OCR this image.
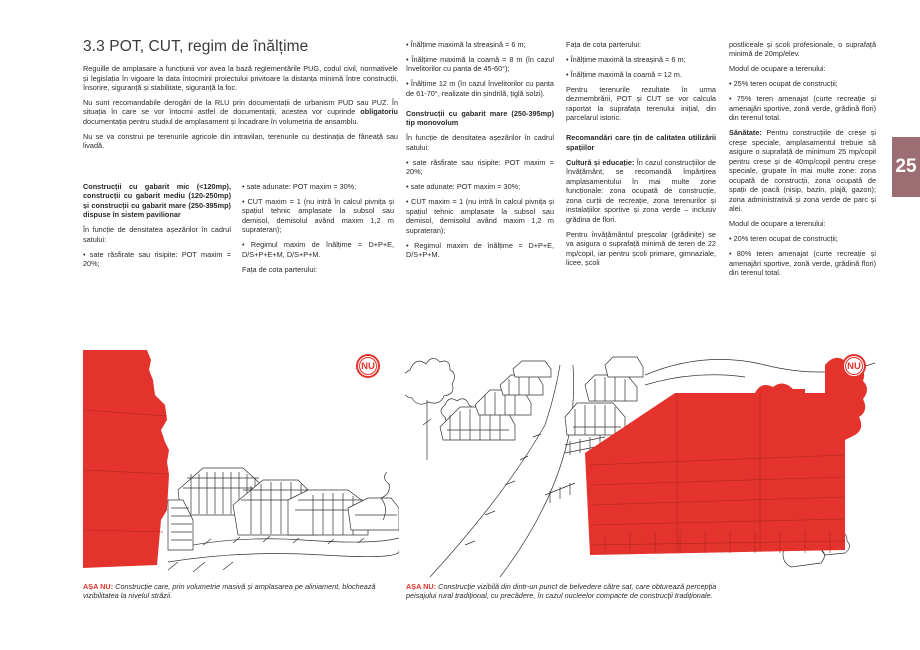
25
3.3 POT, CUT, regim de înălțime

Reguille de amplasare a funcțiunii vor avea la bază reglementările PUG, codul civil, normativele și legislația în vigoare la data întocmirii proiectului privitoare la distanța minimă între construcții, însorire, siguranță și stabilitate, siguranță la foc.

Nu sunt recomandabile derogări de la RLU prin documentații de urbanism PUD sau PUZ. În situația în care se vor întocmi astfel de documentații, acestea vor cuprinde obligatoriu documentația pentru studiul de amplasament și încadrare în volumetria de ansamblu.

Nu se va construi pe terenurile agricole din intravilan, terenurile cu destinația de fâneață sau livadă.

Construcții cu gabarit mic (<120mp), construcții cu gabarit mediu (120-250mp) și construcții cu gabarit mare (250-395mp) dispuse în sistem pavilionar

În funcție de densitatea așezărilor în cadrul satului:

• sate răsfirate sau risipite: POT maxim = 20%;

• sate adunate: POT maxim = 30%;

• CUT maxim = 1 (nu intră în calcul pivnița și spațiul tehnic amplasate la subsol sau demisol, demisolul având maxim 1,2 m suprateran);

• Regimul maxim de înălțime = D+P+E, D/S+P+E+M, D/S+P+M.

Fața de cota parterului:

• Înălțime maximă la streașină = 6 m;

• Înălțime maximă la coamă = 8 m (în cazul învelitorilor cu panta de 45-60°);

• Înălțime 12 m (în cazul învelitorilor cu panta de 61-70°, realizate din șindrilă, țiglă solzi).

Construcții cu gabarit mare (250-395mp) tip monovolum

În funcție de densitatea așezărilor în cadrul satului:

• sate răsfirate sau risipite: POT maxim = 20%;

• sate adunate: POT maxim = 30%;

• CUT maxim = 1 (nu intră în calcul pivnița și spațiul tehnic amplasate la subsol sau demisol, demisolul având maxim 1,2 m suprateran);

• Regimul maxim de înălțime = D+P+E, D/S+P+M.

Fața de cota parterului:

• Înălțime maximă la streașină = 6 m;

• Înălțime maximă la coamă = 12 m.

Pentru terenurile rezultate în urma dezmembrării, POT și CUT se vor calcula raportat la suprafața terenului inițial, din parcelarul istoric.

Recomandări care țin de calitatea utilizării spațiilor

Cultură și educație: În cazul construcțiilor de învățământ, se recomandă împărțirea amplasamentului în mai multe zone funcționale: zona ocupată de construcție, zona curții de recreație, zona terenurilor și instalațiilor sportive și zona verde – inclusiv grădina de flori.

Pentru învățământul preșcolar (grădinițe) se va asigura o suprafață minimă de teren de 22 mp/copil, iar pentru școli primare, gimnaziale, licee, școli

postliceale și școli profesionale, o suprafață minimă de 20mp/elev.

Modul de ocupare a terenului:

• 25% teren ocupat de construcții;

• 75% teren amenajat (curte recreație și amenajări sportive, zonă verde, grădină flori) din terenul total.

Sănătate: Pentru construcțiile de creșe și creșe speciale, amplasamentul trebuie să asigure o suprafață de minimum 25 mp/copil pentru creșe și de 40mp/copil pentru creșe speciale, grupate în mai multe zone: zona ocupată de construcții, zona ocupată de spații de joacă (nisip, bazin, plajă, gazon); zona administrativă și zona verde de parc și alei.

Modul de ocupare a terenului:

• 20% teren ocupat de construcții;

• 80% teren amenajat (curte recreație și amenajări sportive, zonă verde, grădină flori) din terenul total.

NU	NU
AȘA NU: Construcție care, prin volumetrie masivă și amplasarea pe aliniament, blochează vizibilitatea la nivelul străzii.
AȘA NU: Construcție vizibilă din dintr-un punct de belvedere către sat, care obturează percepția peisajului rural tradițional, cu precădere, în cazul nucleelor compacte de construcții tradiționale.
